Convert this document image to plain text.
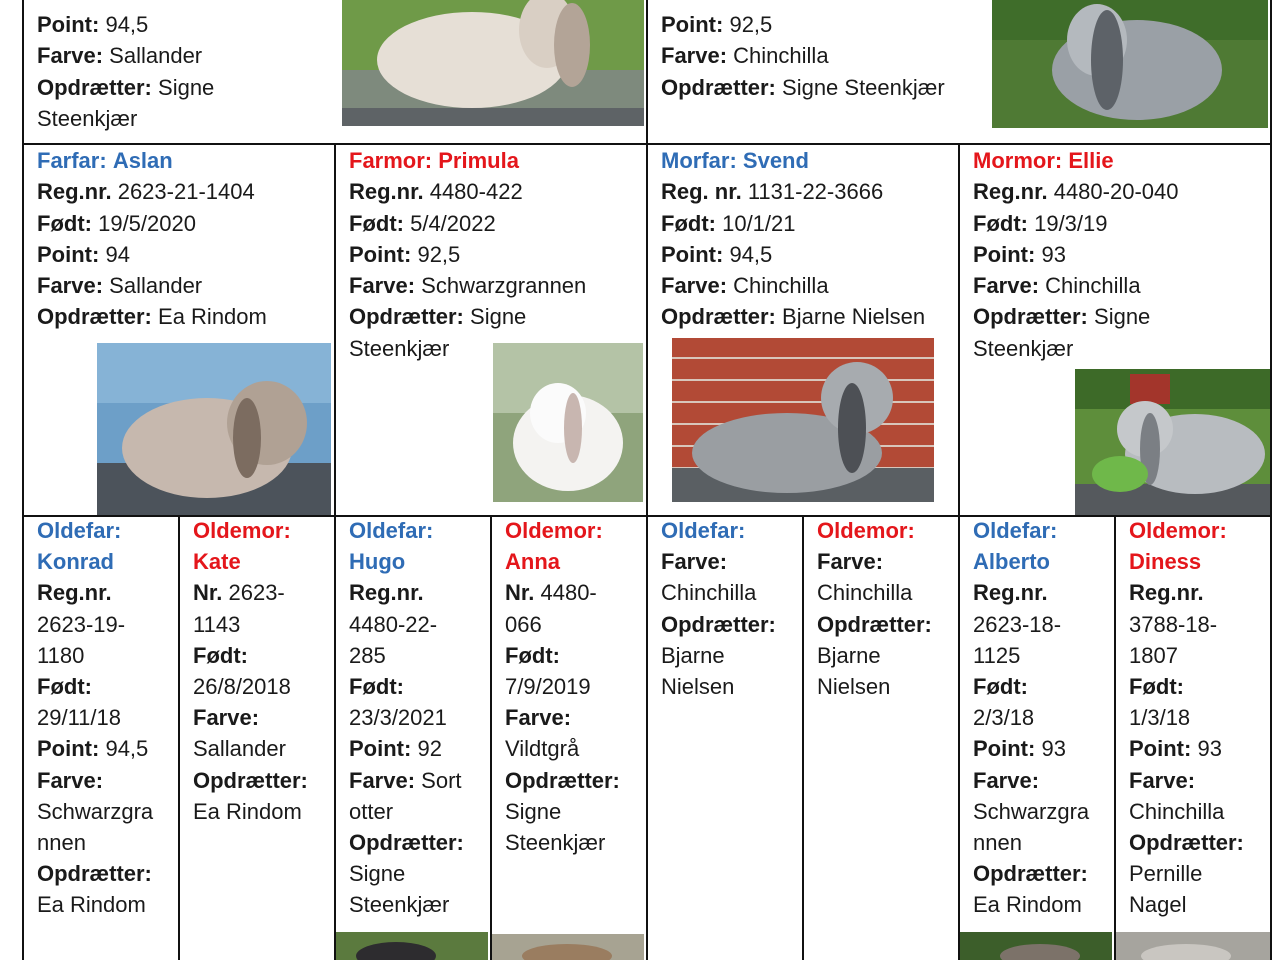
Point: 94,5
Farve: Sallander
Opdrætter: Signe
Steenkjær
Point: 92,5
Farve: Chinchilla
Opdrætter: Signe Steenkjær
Farfar: Aslan
Reg.nr. 2623-21-1404
Født: 19/5/2020
Point: 94
Farve: Sallander
Opdrætter: Ea Rindom
Farmor: Primula
Reg.nr. 4480-422
Født: 5/4/2022
Point: 92,5
Farve: Schwarzgrannen
Opdrætter: Signe
Steenkjær
Morfar: Svend
Reg. nr. 1131-22-3666
Født: 10/1/21
Point: 94,5
Farve: Chinchilla
Opdrætter: Bjarne Nielsen
Mormor: Ellie
Reg.nr. 4480-20-040
Født: 19/3/19
Point: 93
Farve: Chinchilla
Opdrætter: Signe
Steenkjær
Oldefar:
Konrad
Reg.nr.
2623-19-
1180
Født:
29/11/18
Point: 94,5
Farve:
Schwarzgra
nnen
Opdrætter:
Ea Rindom
Oldemor:
Kate
Nr. 2623-
1143
Født:
26/8/2018
Farve:
Sallander
Opdrætter:
Ea Rindom
Oldefar:
Hugo
Reg.nr.
4480-22-
285
Født:
23/3/2021
Point: 92
Farve: Sort
otter
Opdrætter:
Signe
Steenkjær
Oldemor:
Anna
Nr. 4480-
066
Født:
7/9/2019
Farve:
Vildtgrå
Opdrætter:
Signe
Steenkjær
Oldefar:
Farve:
Chinchilla
Opdrætter:
Bjarne
Nielsen
Oldemor:
Farve:
Chinchilla
Opdrætter:
Bjarne
Nielsen
Oldefar:
Alberto
Reg.nr.
2623-18-
1125
Født:
2/3/18
Point: 93
Farve:
Schwarzgra
nnen
Opdrætter:
Ea Rindom
Oldemor:
Diness
Reg.nr.
3788-18-
1807
Født:
1/3/18
Point: 93
Farve:
Chinchilla
Opdrætter:
Pernille
Nagel
